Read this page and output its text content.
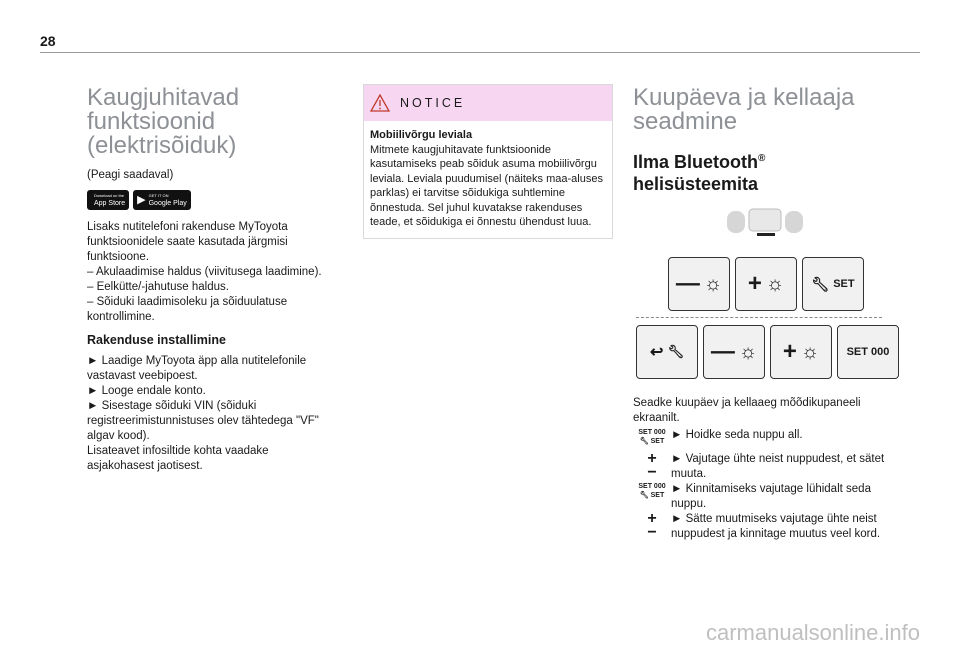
28
Kaugjuhitavad funktsioonid (elektrisõiduk)

(Peagi saadaval)

Download on the
App Store ▶ GET IT ON
Google Play

Lisaks nutitelefoni rakenduse MyToyota funktsioonidele saate kasutada järgmisi funktsioone.

– Akulaadimise haldus (viivitusega laadimine).

– Eelkütte/-jahutuse haldus.

– Sõiduki laadimisoleku ja sõiduulatuse kontrollimine.

Rakenduse installimine

► Laadige MyToyota äpp alla nutitelefonile vastavast veebipoest.

► Looge endale konto.

► Sisestage sõiduki VIN (sõiduki registreerimistunnistuses olev tähtedega "VF" algav kood).

Lisateavet infosiltide kohta vaadake asjakohasest jaotisest.

NOTICE

Mobiilivõrgu leviala

Mitmete kaugjuhitavate funktsioonide kasutamiseks peab sõiduk asuma mobiilivõrgu leviala. Leviala puudumisel (näiteks maa-aluses parklas) ei tarvitse sõidukiga suhtlemine õnnestuda. Sel juhul kuvatakse rakenduses teade, et sõidukiga ei õnnestu ühendust luua.

Kuupäeva ja kellaaja seadmine
Ilma Bluetooth®
helisüsteemita
— ☼ + ☼ 🔧︎ SET
↩ 🔧︎ — ☼ + ☼ SET 000

Seadke kuupäev ja kellaaeg mõõdikupaneeli ekraanilt.

SET 000
🔧︎ SET
► Hoidke seda nuppu all.
+
−
► Vajutage ühte neist nuppudest, et sätet muuta.
SET 000
🔧︎ SET
► Kinnitamiseks vajutage lühidalt seda nuppu.
+
−
► Sätte muutmiseks vajutage ühte neist nuppudest ja kinnitage muutus veel kord.
carmanualsonline.info
